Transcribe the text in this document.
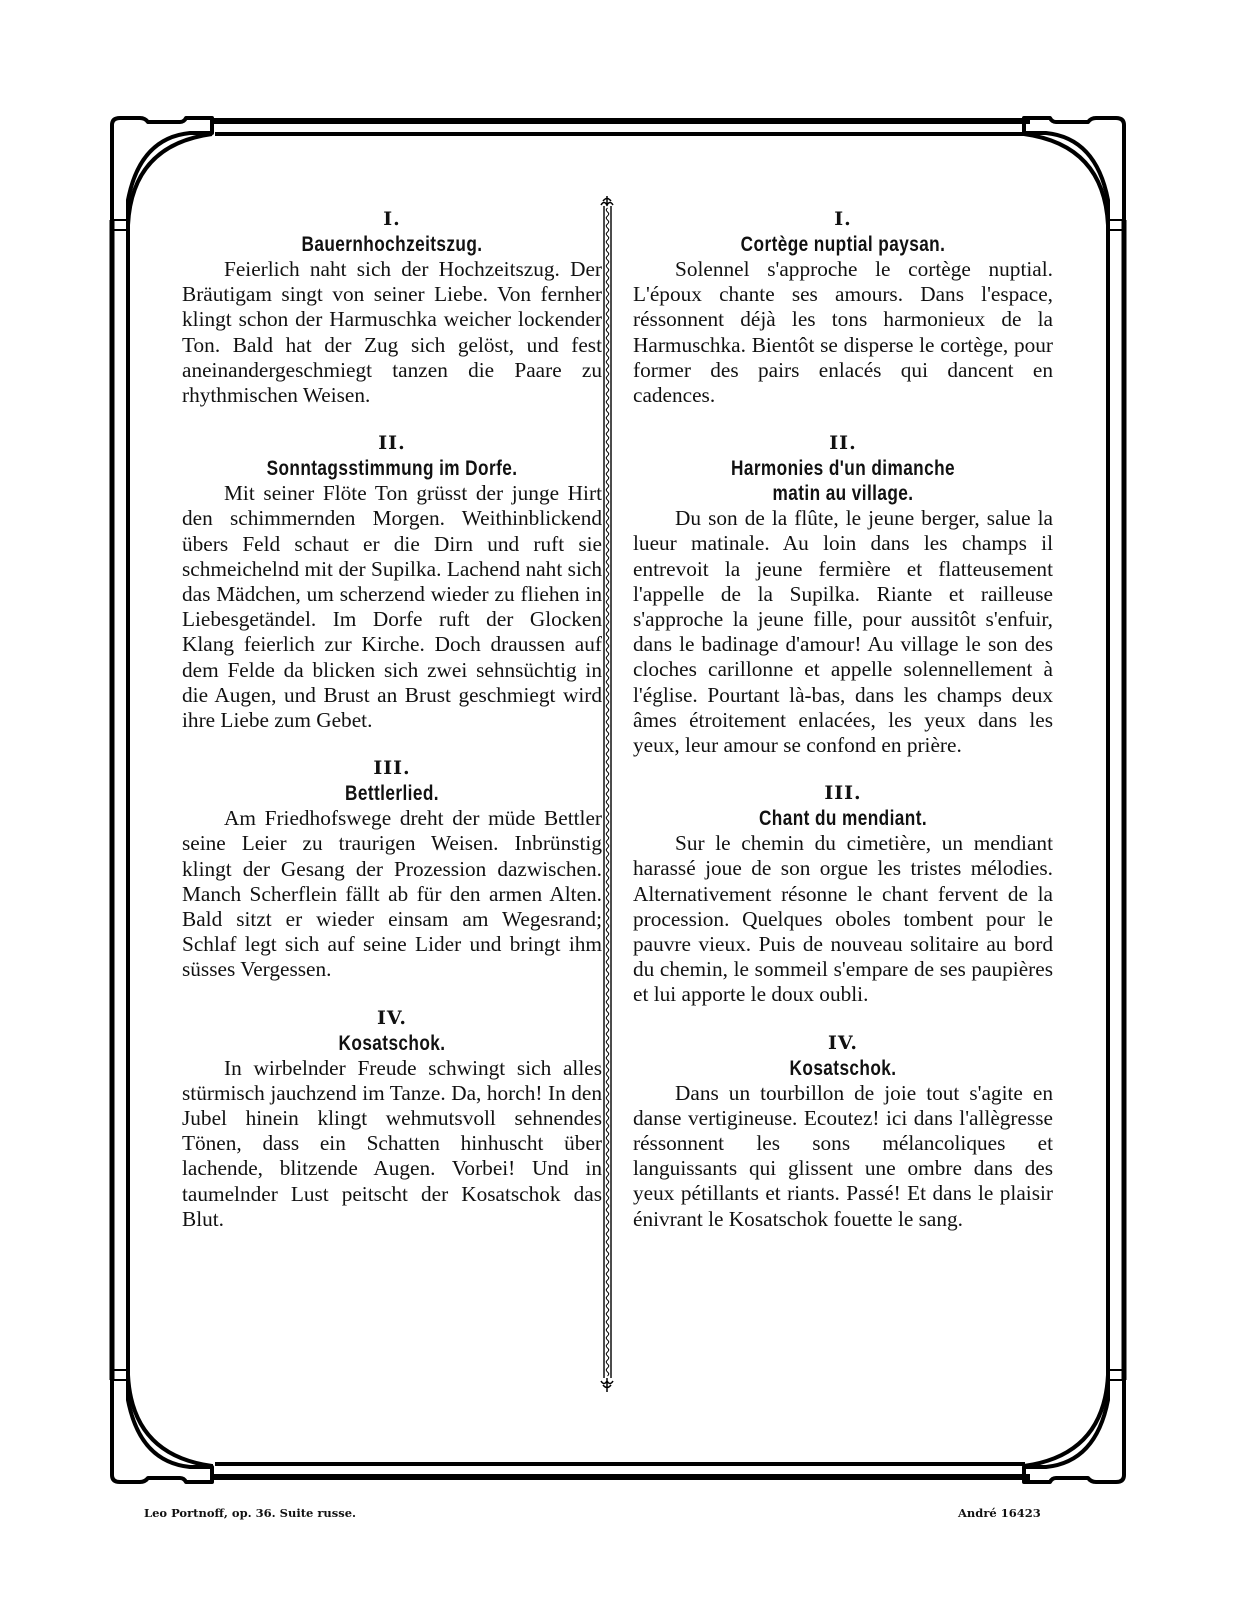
I.

Bauernhochzeitszug.

Feierlich naht sich der Hochzeitszug. Der Bräutigam singt von seiner Liebe. Von fernher klingt schon der Harmuschka weicher lockender Ton. Bald hat der Zug sich gelöst, und fest aneinandergeschmiegt tanzen die Paare zu rhythmischen Weisen.

II.

Sonntagsstimmung im Dorfe.

Mit seiner Flöte Ton grüsst der junge Hirt den schimmernden Morgen. Weithinblickend übers Feld schaut er die Dirn und ruft sie schmeichelnd mit der Supilka. Lachend naht sich das Mädchen, um scherzend wieder zu fliehen in Liebesgetändel. Im Dorfe ruft der Glocken Klang feierlich zur Kirche. Doch draussen auf dem Felde da blicken sich zwei sehnsüchtig in die Augen, und Brust an Brust geschmiegt wird ihre Liebe zum Gebet.

III.

Bettlerlied.

Am Friedhofswege dreht der müde Bettler seine Leier zu traurigen Weisen. Inbrünstig klingt der Gesang der Prozession dazwischen. Manch Scherflein fällt ab für den armen Alten. Bald sitzt er wieder einsam am Wegesrand; Schlaf legt sich auf seine Lider und bringt ihm süsses Vergessen.

IV.

Kosatschok.

In wirbelnder Freude schwingt sich alles stürmisch jauchzend im Tanze. Da, horch! In den Jubel hinein klingt wehmutsvoll sehnendes Tönen, dass ein Schatten hinhuscht über lachende, blitzende Augen. Vorbei! Und in taumelnder Lust peitscht der Kosatschok das Blut.

I.

Cortège nuptial paysan.

Solennel s'approche le cortège nuptial. L'époux chante ses amours. Dans l'espace, réssonnent déjà les tons harmonieux de la Harmuschka. Bientôt se disperse le cortège, pour former des pairs enlacés qui dancent en cadences.

II.

Harmonies d'un dimanche matin au village.

Du son de la flûte, le jeune berger, salue la lueur matinale. Au loin dans les champs il entrevoit la jeune fermière et flatteusement l'appelle de la Supilka. Riante et railleuse s'approche la jeune fille, pour aussitôt s'enfuir, dans le badinage d'amour! Au village le son des cloches carillonne et appelle solennellement à l'église. Pourtant là-bas, dans les champs deux âmes étroitement enlacées, les yeux dans les yeux, leur amour se confond en prière.

III.

Chant du mendiant.

Sur le chemin du cimetière, un mendiant harassé joue de son orgue les tristes mélodies. Alternativement résonne le chant fervent de la procession. Quelques oboles tombent pour le pauvre vieux. Puis de nouveau solitaire au bord du chemin, le sommeil s'empare de ses paupières et lui apporte le doux oubli.

IV.

Kosatschok.

Dans un tourbillon de joie tout s'agite en danse vertigineuse. Ecoutez! ici dans l'allègresse réssonnent les sons mélancoliques et languissants qui glissent une ombre dans des yeux pétillants et riants. Passé! Et dans le plaisir énivrant le Kosatschok fouette le sang.

Leo Portnoff, op. 36. Suite russe.	André 16423
